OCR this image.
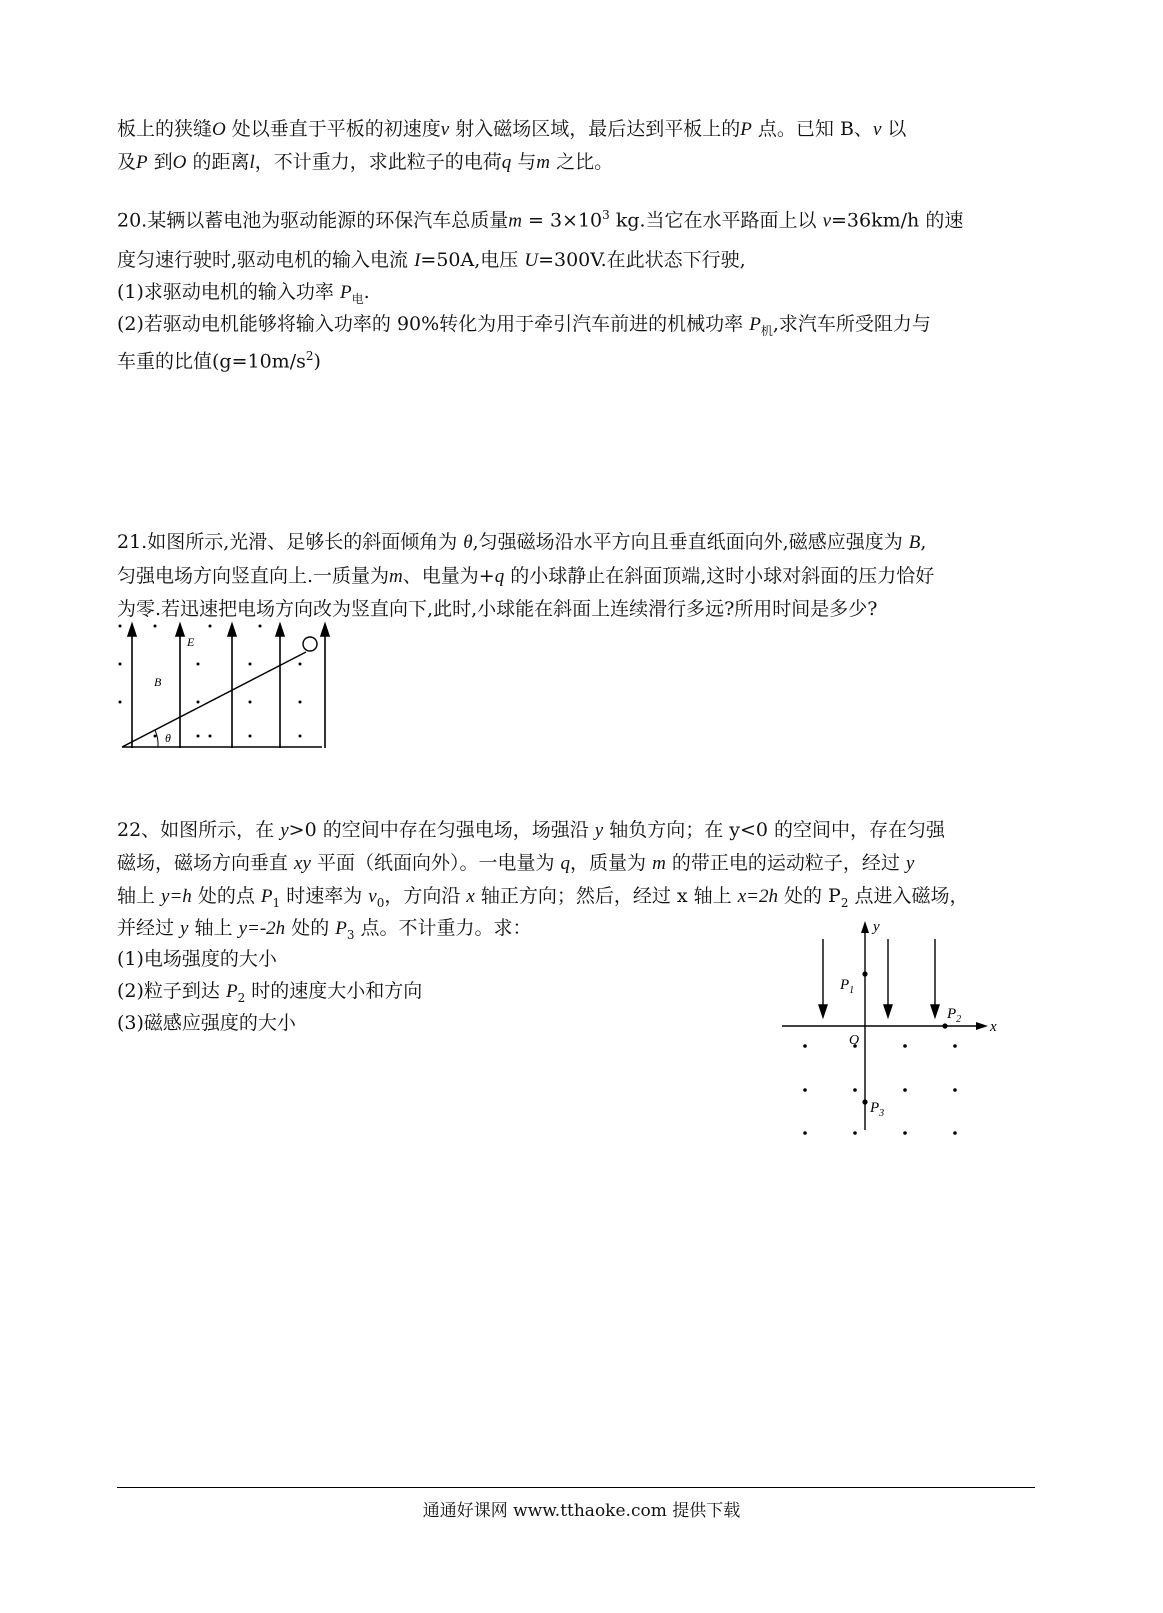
板上的狭缝O 处以垂直于平板的初速度v 射入磁场区域，最后达到平板上的P 点。已知 B、v 以
及P 到O 的距离l，不计重力，求此粒子的电荷q 与m 之比。
20.某辆以蓄电池为驱动能源的环保汽车总质量$m = 3\times 10^3$ kg.当它在水平路面上以 v=36km/h 的速
度匀速行驶时,驱动电机的输入电流 I=50A,电压 U=300V.在此状态下行驶,
(1)求驱动电机的输入功率 $P_电$.
(2)若驱动电机能够将输入功率的 90%转化为用于牵引汽车前进的机械功率 $P_机$,求汽车所受阻力与
车重的比值$(g=10m/s^2)$
21.如图所示,光滑、足够长的斜面倾角为 θ,匀强磁场沿水平方向且垂直纸面向外,磁感应强度为 B,
匀强电场方向竖直向上.一质量为m、电量为+q 的小球静止在斜面顶端,这时小球对斜面的压力恰好
为零.若迅速把电场方向改为竖直向下,此时,小球能在斜面上连续滑行多远?所用时间是多少?
E
B
θ
22、如图所示，在 y>0 的空间中存在匀强电场，场强沿 y 轴负方向；在 y<0 的空间中，存在匀强
磁场，磁场方向垂直 xy 平面（纸面向外）。一电量为 q，质量为 m 的带正电的运动粒子，经过 y
轴上 y=h 处的点 $P_1$ 时速率为 $v_0$，方向沿 x 轴正方向；然后，经过 x 轴上 x=2h 处的 $P_2$ 点进入磁场，
并经过 y 轴上 y=-2h 处的 $P_3$ 点。不计重力。求：
(1)电场强度的大小
(2)粒子到达 $P_2$ 时的速度大小和方向
(3)磁感应强度的大小
y
x
O
$P_1$
$P_2$
$P_3$
通通好课网 www.tthaoke.com 提供下载
